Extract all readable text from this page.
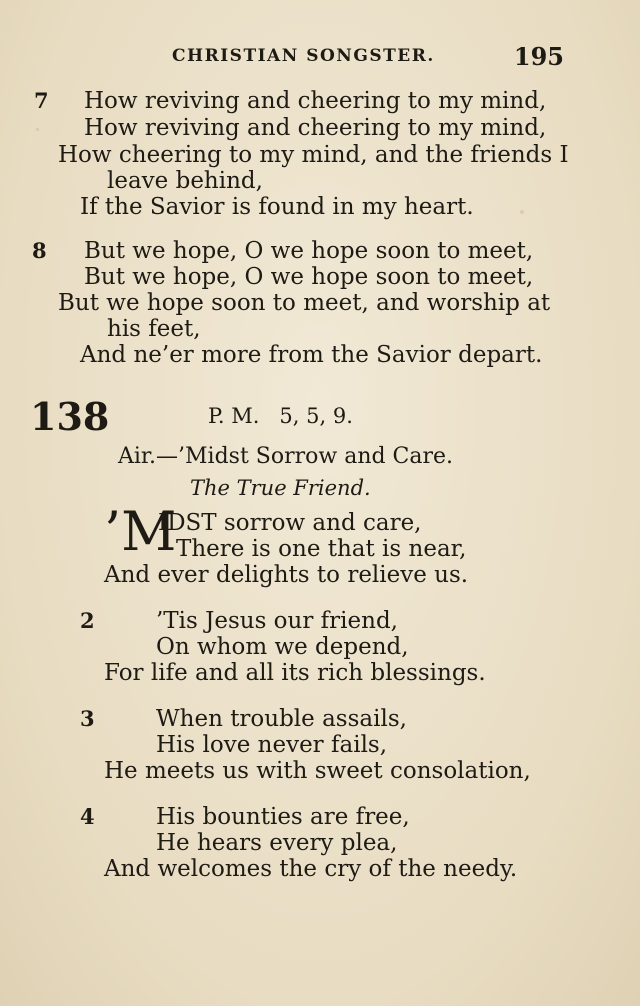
CHRISTIAN SONGSTER.	195
7 How reviving and cheering to my mind,
How reviving and cheering to my mind,
How cheering to my mind, and the friends I
leave behind,
If the Savior is found in my heart.
8 But we hope, O we hope soon to meet,
But we hope, O we hope soon to meet,
But we hope soon to meet, and worship at
his feet,
And ne’er more from the Savior depart.
138	P. M.   5, 5, 9.
Air.—’Midst Sorrow and Care.
The True Friend.
’M
IDST sorrow and care,
There is one that is near,
And ever delights to relieve us.
2	’Tis Jesus our friend,
On whom we depend,
For life and all its rich blessings.
3	When trouble assails,
His love never fails,
He meets us with sweet consolation,
4	His bounties are free,
He hears every plea,
And welcomes the cry of the needy.
